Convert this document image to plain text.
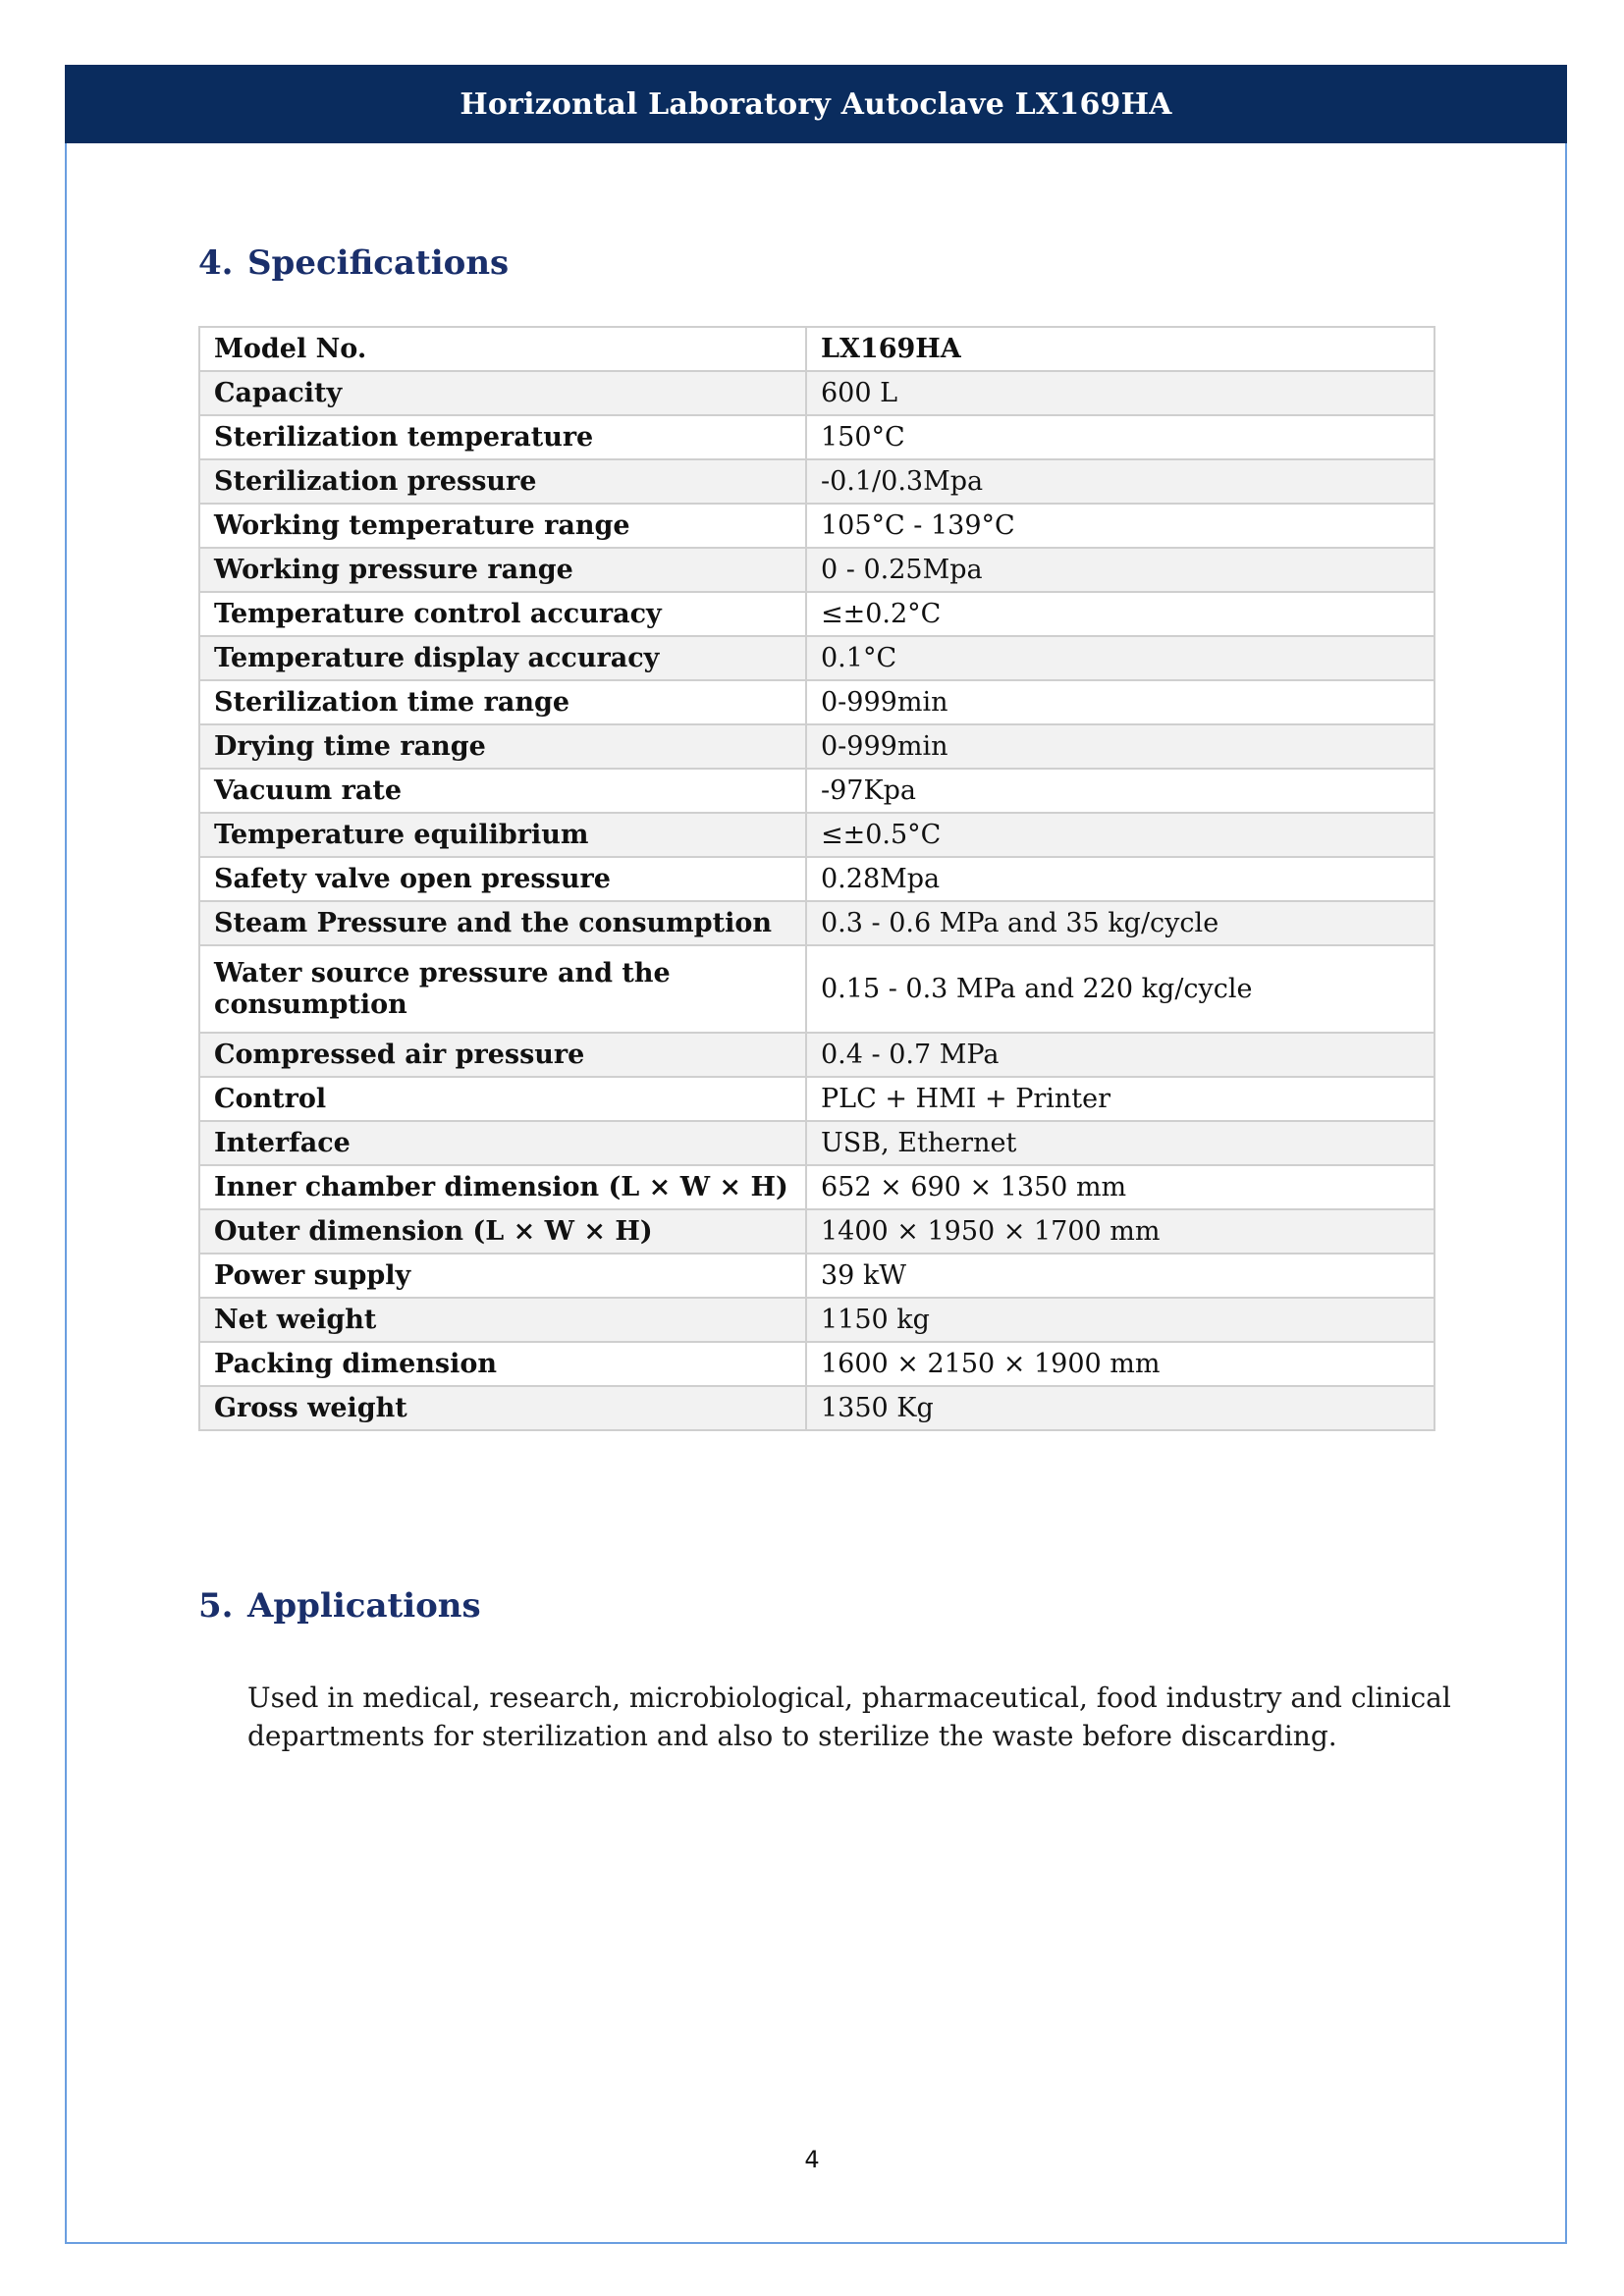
Horizontal Laboratory Autoclave LX169HA
4. Specifications
Model No.	LX169HA
Capacity	600 L
Sterilization temperature	150°C
Sterilization pressure	-0.1/0.3Mpa
Working temperature range	105°C - 139°C
Working pressure range	0 - 0.25Mpa
Temperature control accuracy	≤±0.2°C
Temperature display accuracy	0.1°C
Sterilization time range	0-999min
Drying time range	0-999min
Vacuum rate	-97Kpa
Temperature equilibrium	≤±0.5°C
Safety valve open pressure	0.28Mpa
Steam Pressure and the consumption	0.3 - 0.6 MPa and 35 kg/cycle
Water source pressure and the consumption	0.15 - 0.3 MPa and 220 kg/cycle
Compressed air pressure	0.4 - 0.7 MPa
Control	PLC + HMI + Printer
Interface	USB, Ethernet
Inner chamber dimension (L × W × H)	652 × 690 × 1350 mm
Outer dimension (L × W × H)	1400 × 1950 × 1700 mm
Power supply	39 kW
Net weight	1150 kg
Packing dimension	1600 × 2150 × 1900 mm
Gross weight	1350 Kg
5. Applications
Used in medical, research, microbiological, pharmaceutical, food industry and clinical departments for sterilization and also to sterilize the waste before discarding.
4
